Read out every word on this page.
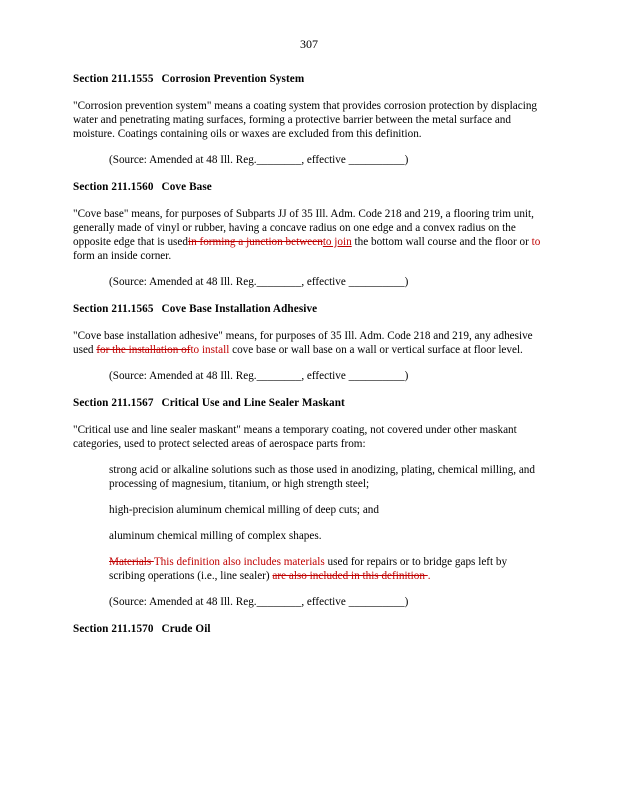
307
Section 211.1555 Corrosion Prevention System
"Corrosion prevention system" means a coating system that provides corrosion protection by displacing water and penetrating mating surfaces, forming a protective barrier between the metal surface and moisture. Coatings containing oils or waxes are excluded from this definition.
(Source: Amended at 48 Ill. Reg.________, effective __________)
Section 211.1560 Cove Base
"Cove base" means, for purposes of Subparts JJ of 35 Ill. Adm. Code 218 and 219, a flooring trim unit, generally made of vinyl or rubber, having a concave radius on one edge and a convex radius on the opposite edge that is usedin forming a junction betweento join the bottom wall course and the floor or to form an inside corner.
(Source: Amended at 48 Ill. Reg.________, effective __________)
Section 211.1565 Cove Base Installation Adhesive
"Cove base installation adhesive" means, for purposes of 35 Ill. Adm. Code 218 and 219, any adhesive used for the installation ofto install cove base or wall base on a wall or vertical surface at floor level.
(Source: Amended at 48 Ill. Reg.________, effective __________)
Section 211.1567 Critical Use and Line Sealer Maskant
"Critical use and line sealer maskant" means a temporary coating, not covered under other maskant categories, used to protect selected areas of aerospace parts from:
strong acid or alkaline solutions such as those used in anodizing, plating, chemical milling, and processing of magnesium, titanium, or high strength steel;
high-precision aluminum chemical milling of deep cuts; and
aluminum chemical milling of complex shapes.
Materials This definition also includes materials used for repairs or to bridge gaps left by scribing operations (i.e., line sealer) are also included in this definition .
(Source: Amended at 48 Ill. Reg.________, effective __________)
Section 211.1570 Crude Oil
